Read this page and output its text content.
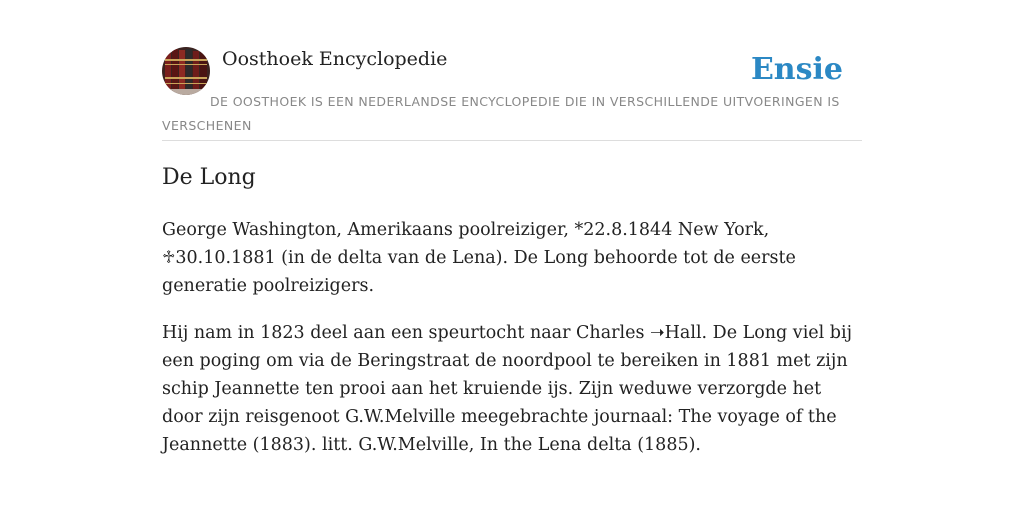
Oosthoek Encyclopedie	Ensie

DE OOSTHOEK IS EEN NEDERLANDSE ENCYCLOPEDIE DIE IN VERSCHILLENDE UITVOERINGEN IS VERSCHENEN

De Long

George Washington, Amerikaans poolreiziger, *22.8.1844 New York, ♱30.10.1881 (in de delta van de Lena). De Long behoorde tot de eerste generatie poolreizigers.

Hij nam in 1823 deel aan een speurtocht naar Charles ➝Hall. De Long viel bij een poging om via de Beringstraat de noordpool te bereiken in 1881 met zijn schip Jeannette ten prooi aan het kruiende ijs. Zijn weduwe verzorgde het door zijn reisgenoot G.W.Melville meegebrachte journaal: The voyage of the Jeannette (1883). litt. G.W.Melville, In the Lena delta (1885).
